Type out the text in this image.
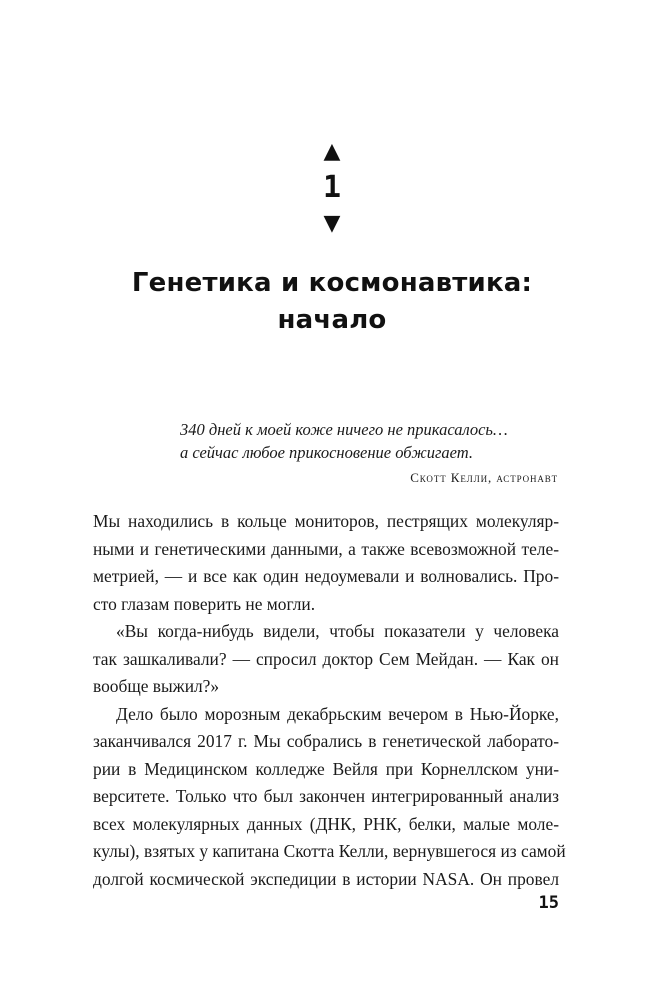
▲
1
▼
Генетика и космонавтика:
начало
340 дней к моей коже ничего не прикасалось…
а сейчас любое прикосновение обжигает.
Скотт Келли, астронавт
Мы находились в кольце мониторов, пестрящих молекуляр-
ными и генетическими данными, а также всевозможной теле-
метрией, — и все как один недоумевали и волновались. Про-
сто глазам поверить не могли.
«Вы когда-нибудь видели, чтобы показатели у человека
так зашкаливали? — спросил доктор Сем Мейдан. — Как он
вообще выжил?»
Дело было морозным декабрьским вечером в Нью-Йорке,
заканчивался 2017 г. Мы собрались в генетической лаборато-
рии в Медицинском колледже Вейля при Корнеллском уни-
верситете. Только что был закончен интегрированный анализ
всех молекулярных данных (ДНК, РНК, белки, малые моле-
кулы), взятых у капитана Скотта Келли, вернувшегося из самой
долгой космической экспедиции в истории NASA. Он провел
15
